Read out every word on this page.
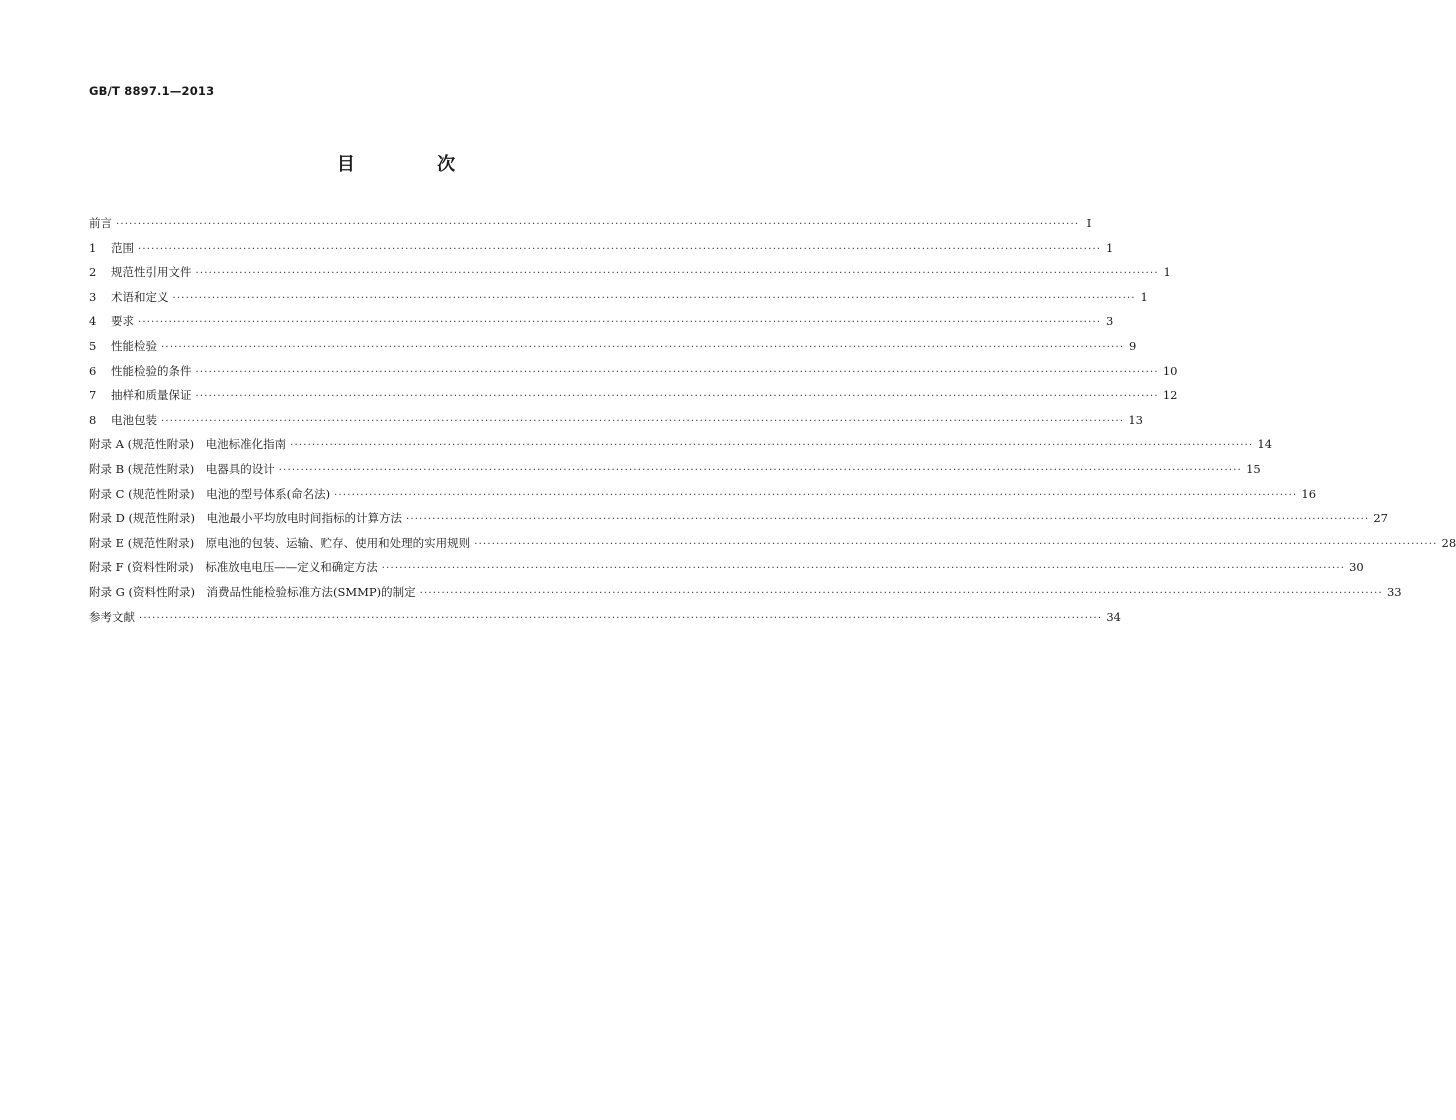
GB/T 8897.1—2013
目 次
前言 ···························································································································································································································· Ⅰ
1 范围 ···························································································································································································································· 1
2 规范性引用文件 ···························································································································································································································· 1
3 术语和定义 ···························································································································································································································· 1
4 要求 ···························································································································································································································· 3
5 性能检验 ···························································································································································································································· 9
6 性能检验的条件 ···························································································································································································································· 10
7 抽样和质量保证 ···························································································································································································································· 12
8 电池包装 ···························································································································································································································· 13
附录 A (规范性附录)　电池标准化指南 ···························································································································································································································· 14
附录 B (规范性附录)　电器具的设计 ···························································································································································································································· 15
附录 C (规范性附录)　电池的型号体系(命名法) ···························································································································································································································· 16
附录 D (规范性附录)　电池最小平均放电时间指标的计算方法 ···························································································································································································································· 27
附录 E (规范性附录)　原电池的包装、运输、贮存、使用和处理的实用规则 ···························································································································································································································· 28
附录 F (资料性附录)　标准放电电压——定义和确定方法 ···························································································································································································································· 30
附录 G (资料性附录)　消费品性能检验标准方法(SMMP)的制定 ···························································································································································································································· 33
参考文献 ···························································································································································································································· 34
